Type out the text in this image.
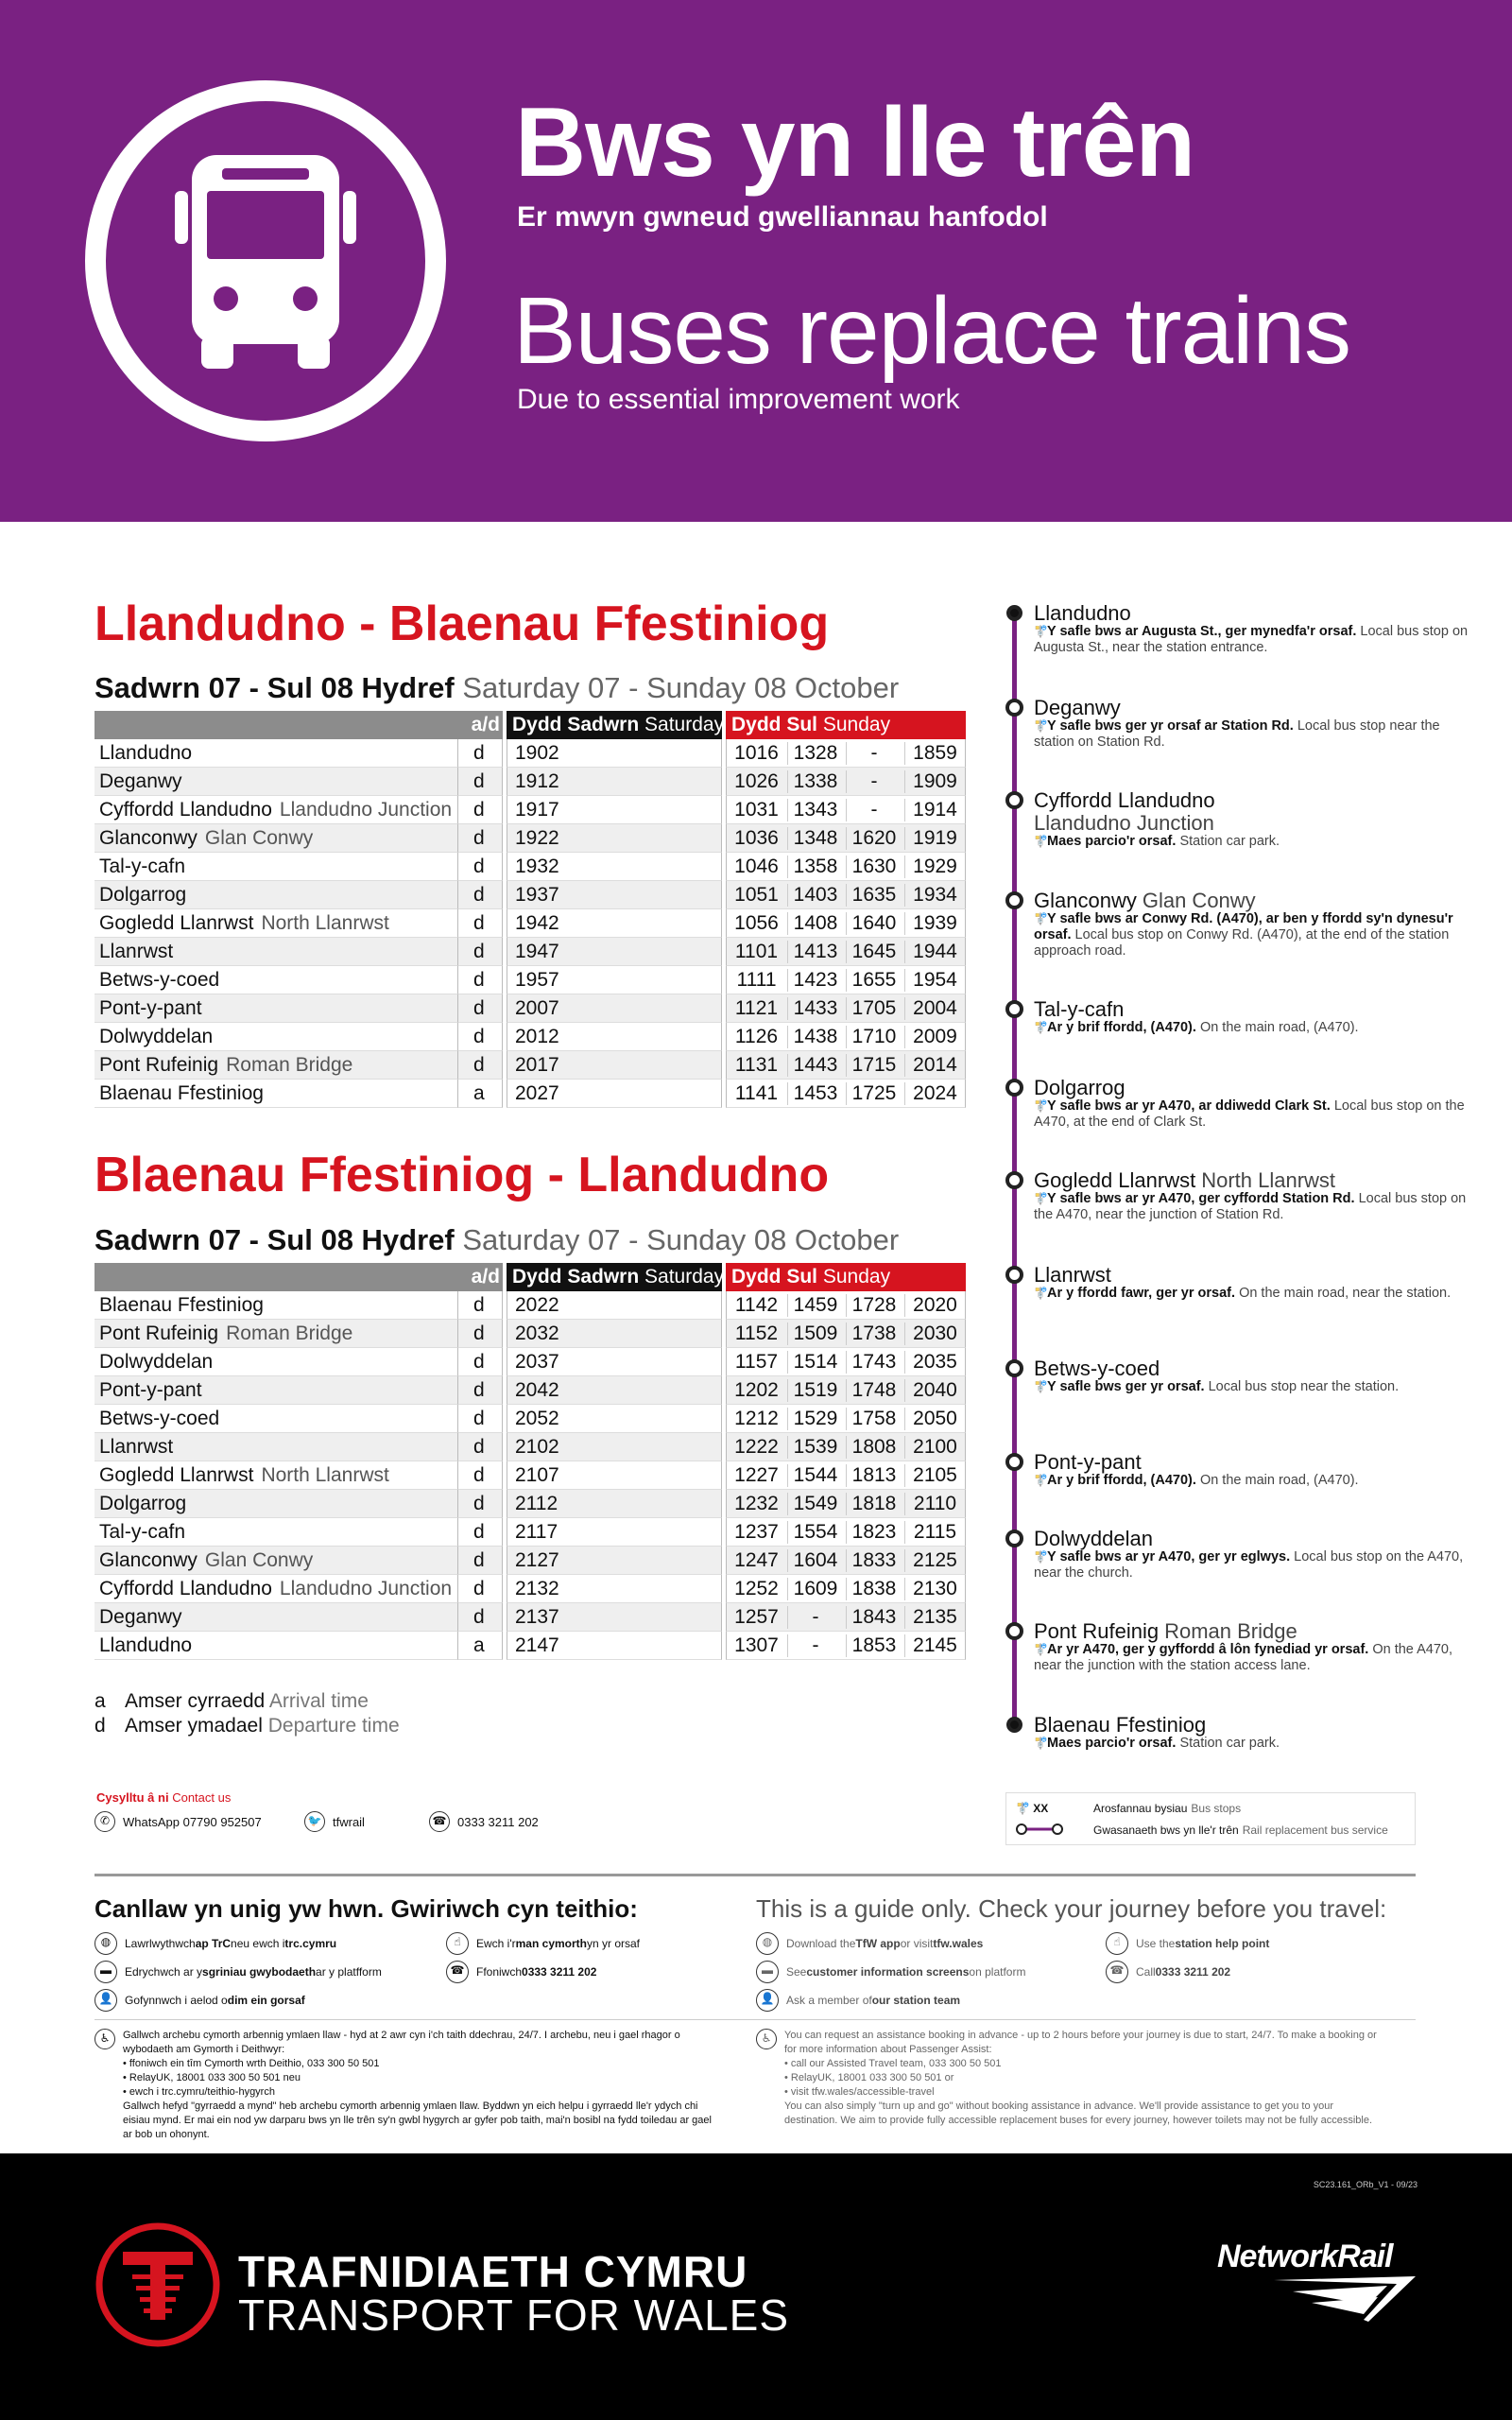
Bws yn lle trên
Er mwyn gwneud gwelliannau hanfodol
Buses replace trains
Due to essential improvement work
Llandudno - Blaenau Ffestiniog
Sadwrn 07 - Sul 08 Hydref Saturday 07 - Sunday 08 October
a/d Dydd Sadwrn Saturday Dydd Sul Sunday
Llandudno	d	1902	1016 1328	-	1859
Deganwy	d	1912	1026 1338	-	1909
Cyffordd Llandudno Llandudno Junction	d	1917	1031 1343	-	1914
Glanconwy Glan Conwy	d	1922	1036 1348 1620 1919
Tal-y-cafn	d	1932	1046 1358 1630 1929
Dolgarrog	d	1937	1051 1403 1635 1934
Gogledd Llanrwst North Llanrwst	d	1942	1056 1408 1640 1939
Llanrwst	d	1947	1101 1413 1645 1944
Betws-y-coed	d	1957	1111 1423 1655 1954
Pont-y-pant	d	2007	1121 1433 1705 2004
Dolwyddelan	d	2012	1126 1438 1710 2009
Pont Rufeinig Roman Bridge	d	2017	1131 1443 1715 2014
Blaenau Ffestiniog	a	2027	1141 1453 1725 2024
Blaenau Ffestiniog - Llandudno
Sadwrn 07 - Sul 08 Hydref Saturday 07 - Sunday 08 October
a/d Dydd Sadwrn Saturday Dydd Sul Sunday
Blaenau Ffestiniog	d	2022	1142 1459 1728 2020
Pont Rufeinig Roman Bridge	d	2032	1152 1509 1738 2030
Dolwyddelan	d	2037	1157 1514 1743 2035
Pont-y-pant	d	2042	1202 1519 1748 2040
Betws-y-coed	d	2052	1212 1529 1758 2050
Llanrwst	d	2102	1222 1539 1808 2100
Gogledd Llanrwst North Llanrwst	d	2107	1227 1544 1813 2105
Dolgarrog	d	2112	1232 1549 1818 2110
Tal-y-cafn	d	2117	1237 1554 1823 2115
Glanconwy Glan Conwy	d	2127	1247 1604 1833 2125
Cyffordd Llandudno Llandudno Junction	d	2132	1252 1609 1838 2130
Deganwy	d	2137	1257	-	1843 2135
Llandudno	a	2147	1307	-	1853 2145
a Amser cyrraedd Arrival time
d Amser ymadael Departure time
Cysylltu â ni Contact us
✆	WhatsApp 07790 952507	🐦 tfwrail	☎ 0333 3211 202
Llandudno
🚏Y safle bws ar Augusta St., ger mynedfa'r orsaf. Local bus stop on Augusta St., near the station entrance.
Deganwy
🚏Y safle bws ger yr orsaf ar Station Rd. Local bus stop near the station on Station Rd.
Cyffordd Llandudno
Llandudno Junction
🚏Maes parcio'r orsaf. Station car park.
Glanconwy Glan Conwy
🚏Y safle bws ar Conwy Rd. (A470), ar ben y ffordd sy'n dynesu'r orsaf. Local bus stop on Conwy Rd. (A470), at the end of the station approach road.
Tal-y-cafn
🚏Ar y brif ffordd, (A470). On the main road, (A470).
Dolgarrog
🚏Y safle bws ar yr A470, ar ddiwedd Clark St. Local bus stop on the A470, at the end of Clark St.
Gogledd Llanrwst North Llanrwst
🚏Y safle bws ar yr A470, ger cyffordd Station Rd. Local bus stop on the A470, near the junction of Station Rd.
Llanrwst
🚏Ar y ffordd fawr, ger yr orsaf. On the main road, near the station.
Betws-y-coed
🚏Y safle bws ger yr orsaf. Local bus stop near the station.
Pont-y-pant
🚏Ar y brif ffordd, (A470). On the main road, (A470).
Dolwyddelan
🚏Y safle bws ar yr A470, ger yr eglwys. Local bus stop on the A470, near the church.
Pont Rufeinig Roman Bridge
🚏Ar yr A470, ger y gyffordd â lôn fynediad yr orsaf. On the A470, near the junction with the station access lane.
Blaenau Ffestiniog
🚏Maes parcio'r orsaf. Station car park.
🚏 XX	Arosfannau bysiau Bus stops
Gwasanaeth bws yn lle'r trên Rail replacement bus service
Canllaw yn unig yw hwn. Gwiriwch cyn teithio:	This is a guide only. Check your journey before you travel:
◍	Lawrlwythwch ap TrC neu ewch i trc.cymru
▬	Edrychwch ar y sgriniau gwybodaeth ar y platfform
👤	Gofynnwch i aelod o dim ein gorsaf
☝	Ewch i'r man cymorth yn yr orsaf
☎	Ffoniwch 0333 3211 202
◍	Download the TfW app or visit tfw.wales
▬	See customer information screens on platform
👤	Ask a member of our station team
☝	Use the station help point
☎	Call 0333 3211 202
♿	Gallwch archebu cymorth arbennig ymlaen llaw - hyd at 2 awr cyn i'ch taith ddechrau, 24/7. I archebu, neu i gael rhagor o wybodaeth am Gymorth i Deithwyr:
• ffoniwch ein tîm Cymorth wrth Deithio, 033 300 50 501
• RelayUK, 18001 033 300 50 501 neu
• ewch i trc.cymru/teithio-hygyrch
Gallwch hefyd "gyrraedd a mynd" heb archebu cymorth arbennig ymlaen llaw. Byddwn yn eich helpu i gyrraedd lle'r ydych chi eisiau mynd. Er mai ein nod yw darparu bws yn lle trên sy'n gwbl hygyrch ar gyfer pob taith, mai'n bosibl na fydd toiledau ar gael ar bob un ohonynt.
♿	You can request an assistance booking in advance - up to 2 hours before your journey is due to start, 24/7. To make a booking or for more information about Passenger Assist:
• call our Assisted Travel team, 033 300 50 501
• RelayUK, 18001 033 300 50 501 or
• visit tfw.wales/accessible-travel
You can also simply "turn up and go" without booking assistance in advance. We'll provide assistance to get you to your destination. We aim to provide fully accessible replacement buses for every journey, however toilets may not be fully accessible.
SC23.161_ORb_V1 - 09/23
TRAFNIDIAETH CYMRU
TRANSPORT FOR WALES
NetworkRail
